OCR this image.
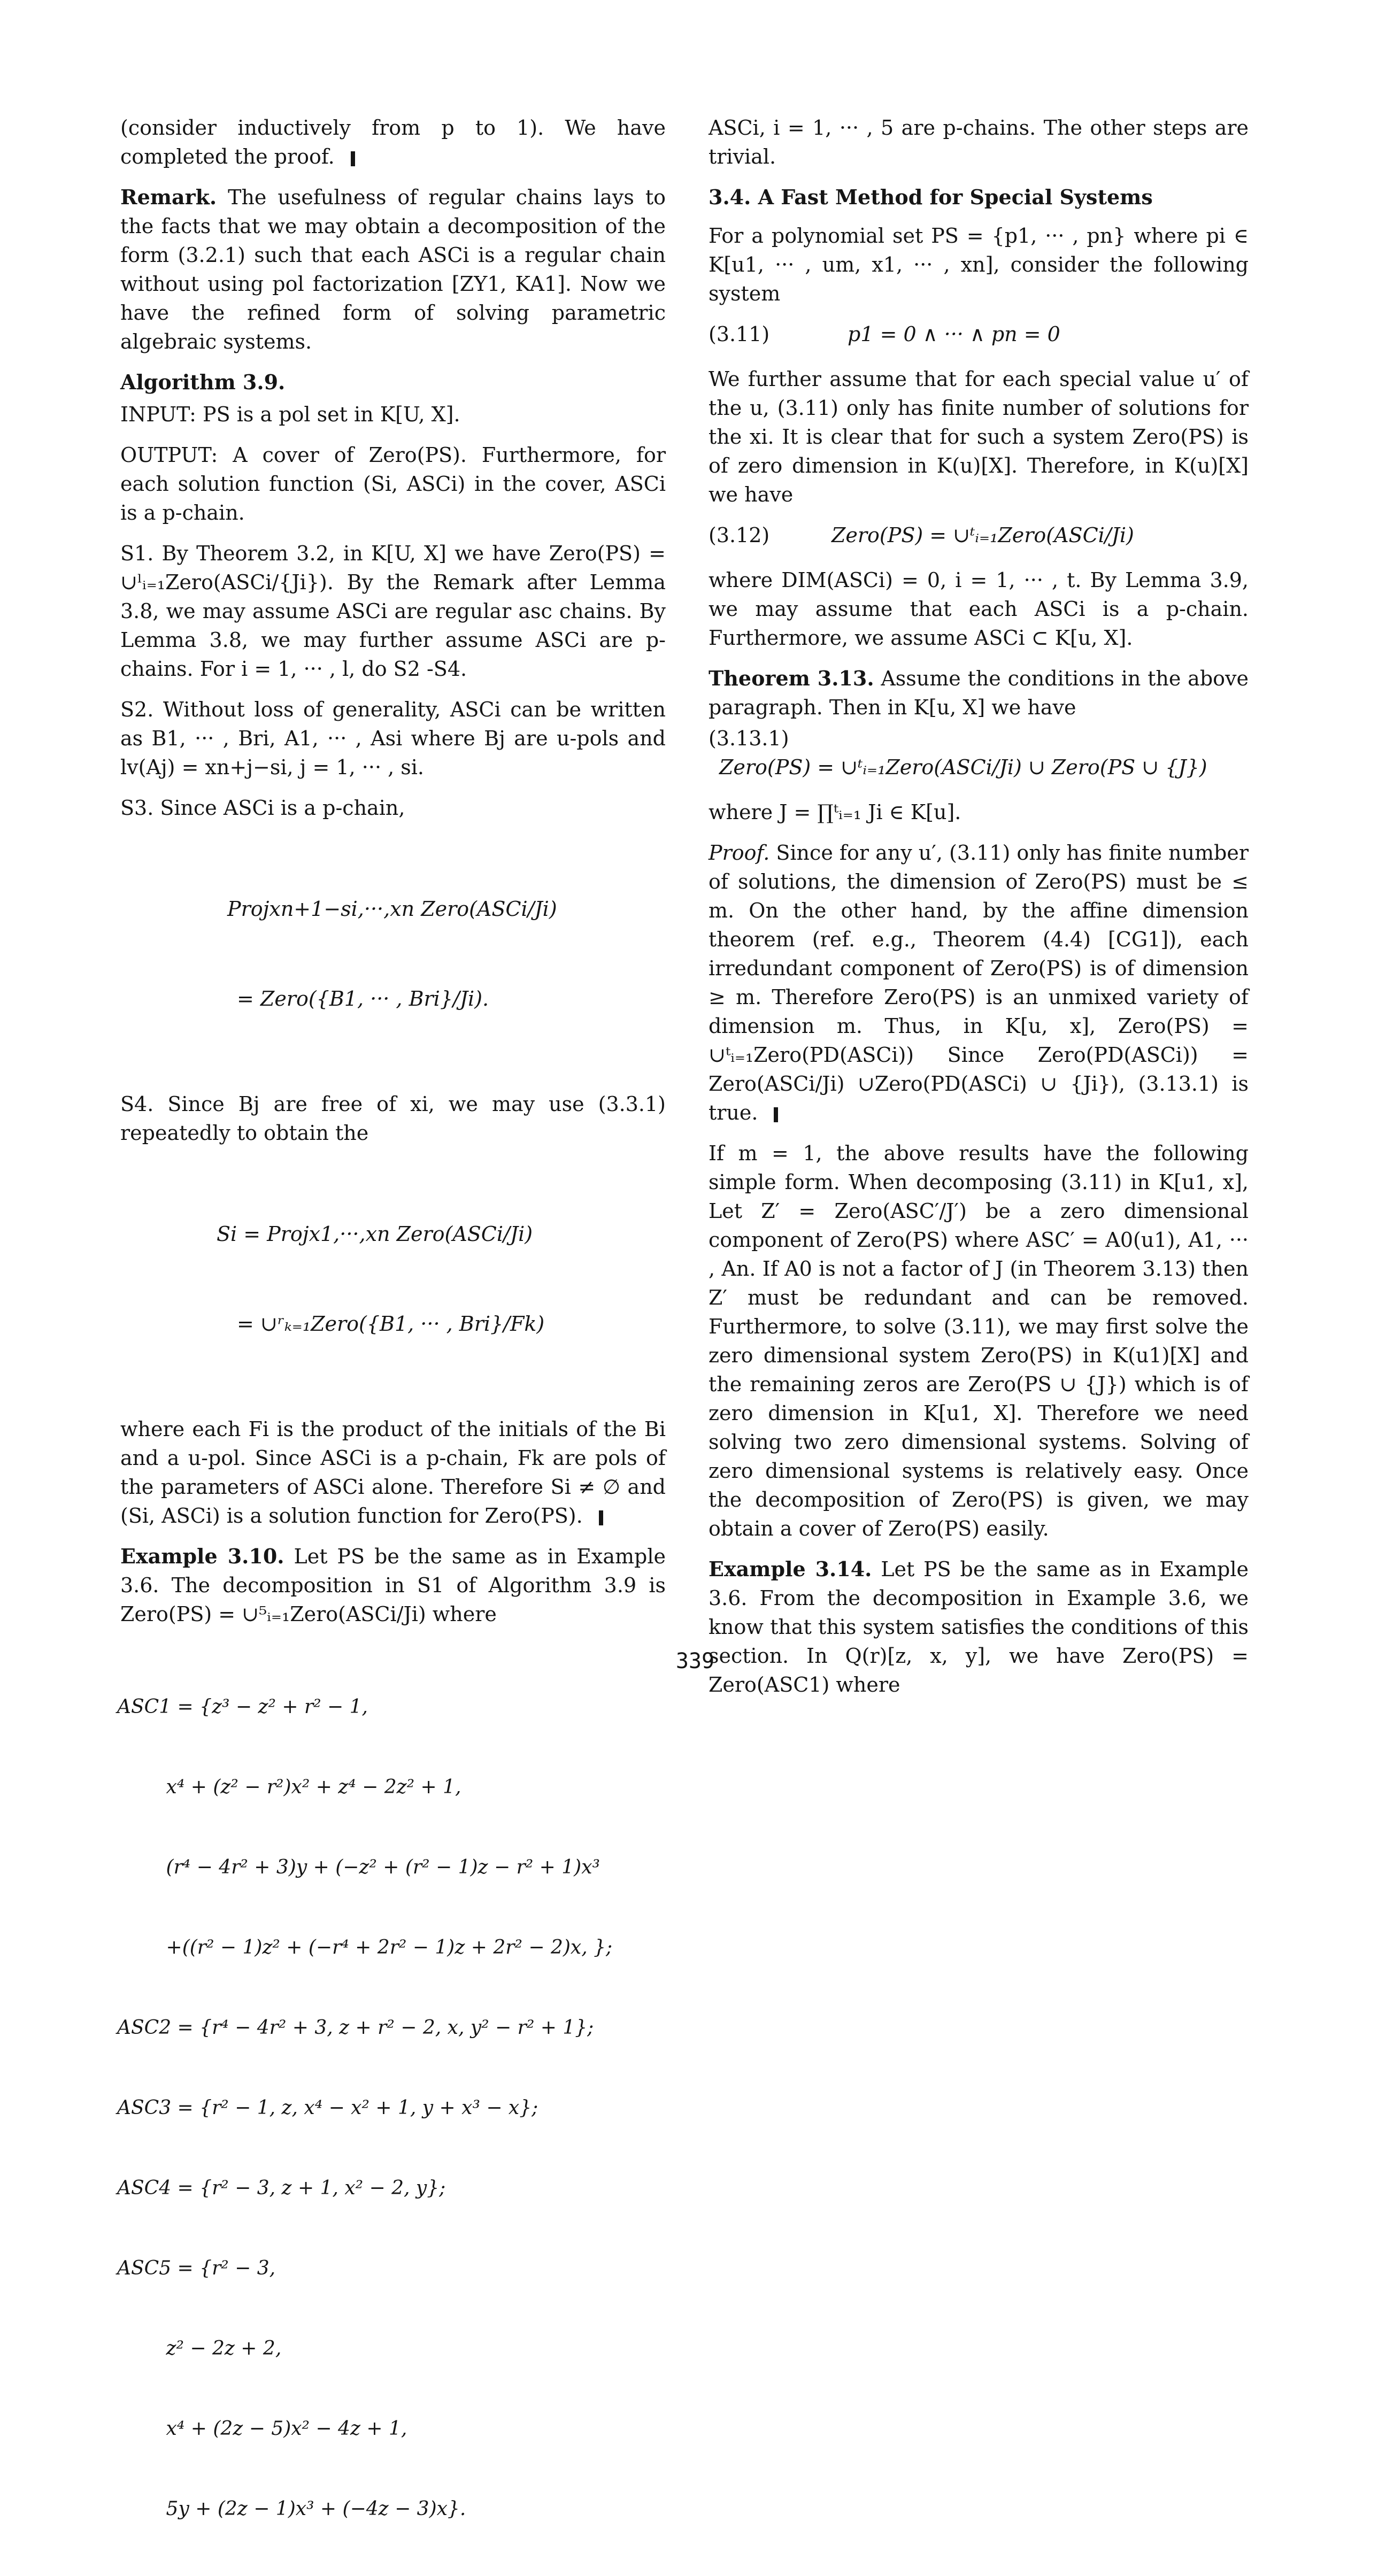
(consider inductively from p to 1). We have completed the proof.

Remark. The usefulness of regular chains lays to the facts that we may obtain a decomposition of the form (3.2.1) such that each ASCi is a regular chain without using pol factorization [ZY1, KA1]. Now we have the refined form of solving parametric algebraic systems.

Algorithm 3.9.

INPUT: PS is a pol set in K[U, X].

OUTPUT: A cover of Zero(PS). Furthermore, for each solution function (Si, ASCi) in the cover, ASCi is a p-chain.

S1. By Theorem 3.2, in K[U, X] we have Zero(PS) = ∪ˡᵢ₌₁Zero(ASCi/{Ji}). By the Remark after Lemma 3.8, we may assume ASCi are regular asc chains. By Lemma 3.8, we may further assume ASCi are p-chains. For i = 1, ··· , l, do S2 -S4.

S2. Without loss of generality, ASCi can be written as B1, ··· , Bri, A1, ··· , Asi where Bj are u-pols and lv(Aj) = xn+j−si, j = 1, ··· , si.

S3. Since ASCi is a p-chain,

Projxn+1−si,···,xn Zero(ASCi/Ji)

= Zero({B1, ··· , Bri}/Ji).

S4. Since Bj are free of xi, we may use (3.3.1) repeatedly to obtain the

Si = Projx1,···,xn Zero(ASCi/Ji)

= ∪ʳₖ₌₁Zero({B1, ··· , Bri}/Fk)

where each Fi is the product of the initials of the Bi and a u-pol. Since ASCi is a p-chain, Fk are pols of the parameters of ASCi alone. Therefore Si ≠ ∅ and (Si, ASCi) is a solution function for Zero(PS).

Example 3.10. Let PS be the same as in Example 3.6. The decomposition in S1 of Algorithm 3.9 is Zero(PS) = ∪⁵ᵢ₌₁Zero(ASCi/Ji) where

ASC1 = {z³ − z² + r² − 1,

x⁴ + (z² − r²)x² + z⁴ − 2z² + 1,

(r⁴ − 4r² + 3)y + (−z² + (r² − 1)z − r² + 1)x³

+((r² − 1)z² + (−r⁴ + 2r² − 1)z + 2r² − 2)x, };

ASC2 = {r⁴ − 4r² + 3, z + r² − 2, x, y² − r² + 1};

ASC3 = {r² − 1, z, x⁴ − x² + 1, y + x³ − x};

ASC4 = {r² − 3, z + 1, x² − 2, y};

ASC5 = {r² − 3,

z² − 2z + 2,

x⁴ + (2z − 5)x² − 4z + 1,

5y + (2z − 1)x³ + (−4z − 3)x}.

ASCi, i = 1, ··· , 5 are p-chains. The other steps are trivial.

3.4. A Fast Method for Special Systems

For a polynomial set PS = {p1, ··· , pn} where pi ∈ K[u1, ··· , um, x1, ··· , xn], consider the following system

(3.11)	p1 = 0 ∧ ··· ∧ pn = 0

We further assume that for each special value u′ of the u, (3.11) only has finite number of solutions for the xi. It is clear that for such a system Zero(PS) is of zero dimension in K(u)[X]. Therefore, in K(u)[X] we have

(3.12)	Zero(PS) = ∪ᵗᵢ₌₁Zero(ASCi/Ji)

where DIM(ASCi) = 0, i = 1, ··· , t. By Lemma 3.9, we may assume that each ASCi is a p-chain. Furthermore, we assume ASCi ⊂ K[u, X].

Theorem 3.13. Assume the conditions in the above paragraph. Then in K[u, X] we have

(3.13.1)
Zero(PS) = ∪ᵗᵢ₌₁Zero(ASCi/Ji) ∪ Zero(PS ∪ {J})

where J = ∏ᵗᵢ₌₁ Ji ∈ K[u].

Proof. Since for any u′, (3.11) only has finite number of solutions, the dimension of Zero(PS) must be ≤ m. On the other hand, by the affine dimension theorem (ref. e.g., Theorem (4.4) [CG1]), each irredundant component of Zero(PS) is of dimension ≥ m. Therefore Zero(PS) is an unmixed variety of dimension m. Thus, in K[u, x], Zero(PS) = ∪ᵗᵢ₌₁Zero(PD(ASCi)) Since Zero(PD(ASCi)) = Zero(ASCi/Ji) ∪Zero(PD(ASCi) ∪ {Ji}), (3.13.1) is true.

If m = 1, the above results have the following simple form. When decomposing (3.11) in K[u1, x], Let Z′ = Zero(ASC′/J′) be a zero dimensional component of Zero(PS) where ASC′ = A0(u1), A1, ··· , An. If A0 is not a factor of J (in Theorem 3.13) then Z′ must be redundant and can be removed. Furthermore, to solve (3.11), we may first solve the zero dimensional system Zero(PS) in K(u1)[X] and the remaining zeros are Zero(PS ∪ {J}) which is of zero dimension in K[u1, X]. Therefore we need solving two zero dimensional systems. Solving of zero dimensional systems is relatively easy. Once the decomposition of Zero(PS) is given, we may obtain a cover of Zero(PS) easily.

Example 3.14. Let PS be the same as in Example 3.6. From the decomposition in Example 3.6, we know that this system satisfies the conditions of this section. In Q(r)[z, x, y], we have Zero(PS) = Zero(ASC1) where

339
